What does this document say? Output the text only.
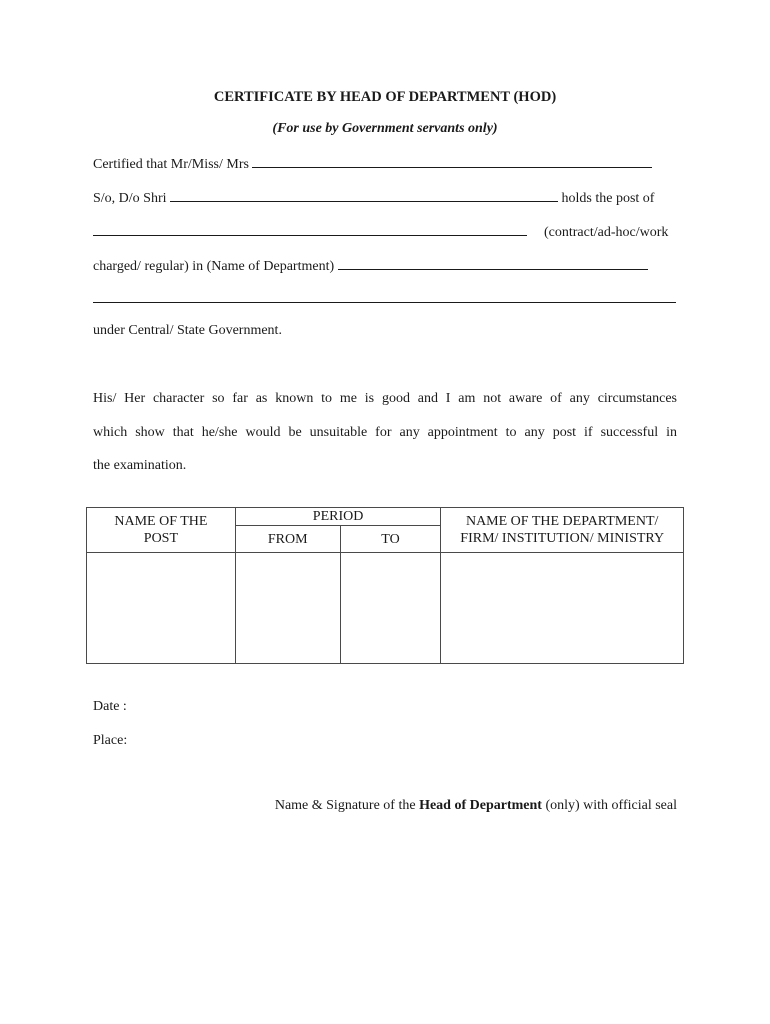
CERTIFICATE BY HEAD OF DEPARTMENT (HOD)
(For use by Government servants only)
Certified that Mr/Miss/ Mrs
S/o, D/o Shri	holds the post of
(contract/ad-hoc/work
charged/ regular) in (Name of Department)
under Central/ State Government.
His/ Her character so far as known to me is good and I am not aware of any circumstances
which show that he/she would be unsuitable for any appointment to any post if successful in
the examination.
NAME OF THE POST	PERIOD		NAME OF THE DEPARTMENT/ FIRM/ INSTITUTION/ MINISTRY
	FROM	TO	

Date :
Place:
Name & Signature of the Head of Department (only) with official seal
